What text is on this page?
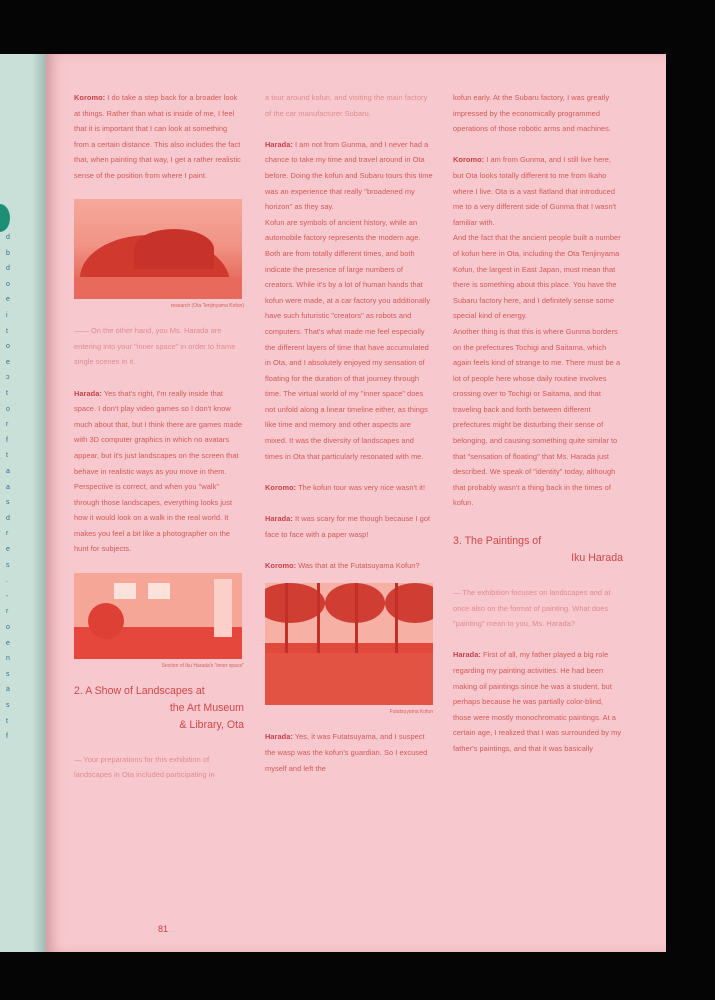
d
b
d
o
e
i
t
o
e
ɔ
t
o
r
f
t
a
a
s
d
r
e
s
.
-
r
o
e
n
s
a
s
t
f

Koromo: I do take a step back for a broader look at things. Rather than what is inside of me, I feel that it is important that I can look at something from a certain distance. This also includes the fact that, when painting that way, I get a rather realistic sense of the position from where I paint.

research (Ota Tenjinyama Kofun)

—— On the other hand, you Ms. Harada are entering into your "inner space" in order to frame single scenes in it.

Harada: Yes that's right, I'm really inside that space. I don't play video games so I don't know much about that, but I think there are games made with 3D computer graphics in which no avatars appear, but it's just landscapes on the screen that behave in realistic ways as you move in them. Perspective is correct, and when you "walk" through those landscapes, everything looks just how it would look on a walk in the real world. It makes you feel a bit like a photographer on the hunt for subjects.

Section of Iku Harada's "inner space"
2. A Show of Landscapes at
the Art Museum
& Library, Ota

— Your preparations for this exhibition of landscapes in Ota included participating in

a tour around kofun, and visiting the main factory of the car manufacturer Subaru.

Harada: I am not from Gunma, and I never had a chance to take my time and travel around in Ota before. Doing the kofun and Subaru tours this time was an experience that really "broadened my horizon" as they say.

Kofun are symbols of ancient history, while an automobile factory represents the modern age. Both are from totally different times, and both indicate the presence of large numbers of creators. While it's by a lot of human hands that kofun were made, at a car factory you additionally have such futuristic "creators" as robots and computers. That's what made me feel especially the different layers of time that have accumulated in Ota, and I absolutely enjoyed my sensation of floating for the duration of that journey through time. The virtual world of my "inner space" does not unfold along a linear timeline either, as things like time and memory and other aspects are mixed. It was the diversity of landscapes and times in Ota that particularly resonated with me.

Koromo: The kofun tour was very nice wasn't it!

Harada: It was scary for me though because I got face to face with a paper wasp!

Koromo: Was that at the Futatsuyama Kofun?

Futatsuyama Kofun

Harada: Yes, it was Futatsuyama, and I suspect the wasp was the kofun's guardian. So I excused myself and left the

kofun early. At the Subaru factory, I was greatly impressed by the economically programmed operations of those robotic arms and machines.

Koromo: I am from Gunma, and I still live here, but Ota looks totally different to me from Ikaho where I live. Ota is a vast flatland that introduced me to a very different side of Gunma that I wasn't familiar with.

And the fact that the ancient people built a number of kofun here in Ota, including the Ota Tenjinyama Kofun, the largest in East Japan, must mean that there is something about this place. You have the Subaru factory here, and I definitely sense some special kind of energy.

Another thing is that this is where Gunma borders on the prefectures Tochigi and Saitama, which again feels kind of strange to me. There must be a lot of people here whose daily routine involves crossing over to Tochigi or Saitama, and that traveling back and forth between different prefectures might be disturbing their sense of belonging, and causing something quite similar to that "sensation of floating" that Ms. Harada just described. We speak of "identity" today, although that probably wasn't a thing back in the times of kofun.

3. The Paintings of
Iku Harada

— The exhibition focuses on landscapes and at once also on the format of painting. What does "painting" mean to you, Ms. Harada?

Harada: First of all, my father played a big role regarding my painting activities. He had been making oil paintings since he was a student, but perhaps because he was partially color-blind, those were mostly monochromatic paintings. At a certain age, I realized that I was surrounded by my father's paintings, and that it was basically

81
